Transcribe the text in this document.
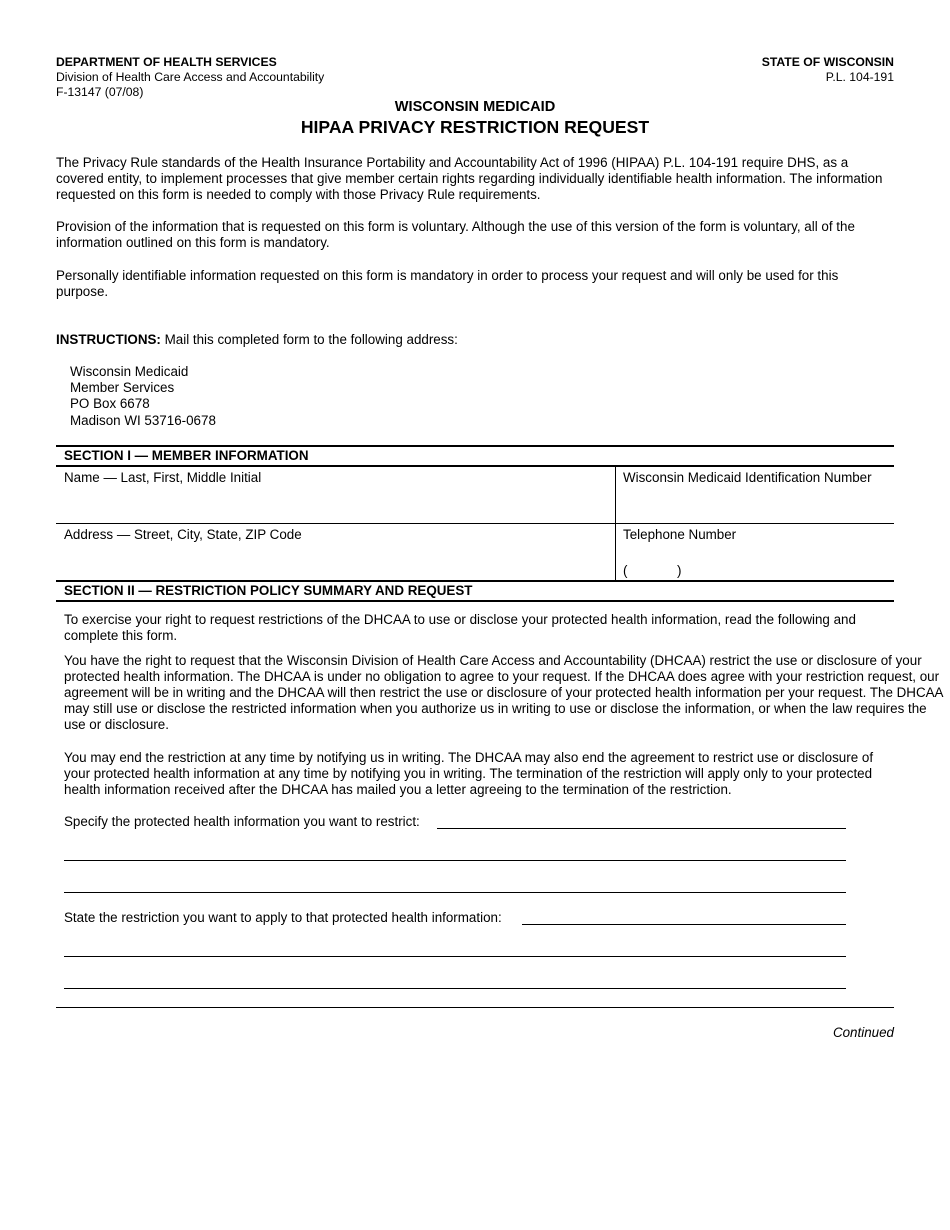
DEPARTMENT OF HEALTH SERVICES
Division of Health Care Access and Accountability
F-13147 (07/08)
STATE OF WISCONSIN
P.L. 104-191
WISCONSIN MEDICAID
HIPAA PRIVACY RESTRICTION REQUEST

The Privacy Rule standards of the Health Insurance Portability and Accountability Act of 1996 (HIPAA) P.L. 104-191 require DHS, as a covered entity, to implement processes that give member certain rights regarding individually identifiable health information. The information requested on this form is needed to comply with those Privacy Rule requirements.

Provision of the information that is requested on this form is voluntary. Although the use of this version of the form is voluntary, all of the information outlined on this form is mandatory.

Personally identifiable information requested on this form is mandatory in order to process your request and will only be used for this purpose.

INSTRUCTIONS: Mail this completed form to the following address:
Wisconsin Medicaid
Member Services
PO Box 6678
Madison WI 53716-0678
SECTION I — MEMBER INFORMATION
Name — Last, First, Middle Initial	Wisconsin Medicaid Identification Number
Address — Street, City, State, ZIP Code	Telephone Number
(	)
SECTION II — RESTRICTION POLICY SUMMARY AND REQUEST

To exercise your right to request restrictions of the DHCAA to use or disclose your protected health information, read the following and complete this form.

You have the right to request that the Wisconsin Division of Health Care Access and Accountability (DHCAA) restrict the use or disclosure of your protected health information. The DHCAA is under no obligation to agree to your request. If the DHCAA does agree with your restriction request, our agreement will be in writing and the DHCAA will then restrict the use or disclosure of your protected health information per your request. The DHCAA may still use or disclose the restricted information when you authorize us in writing to use or disclose the information, or when the law requires the use or disclosure.

You may end the restriction at any time by notifying us in writing. The DHCAA may also end the agreement to restrict use or disclosure of your protected health information at any time by notifying you in writing. The termination of the restriction will apply only to your protected health information received after the DHCAA has mailed you a letter agreeing to the termination of the restriction.

Specify the protected health information you want to restrict:
State the restriction you want to apply to that protected health information:
Continued
